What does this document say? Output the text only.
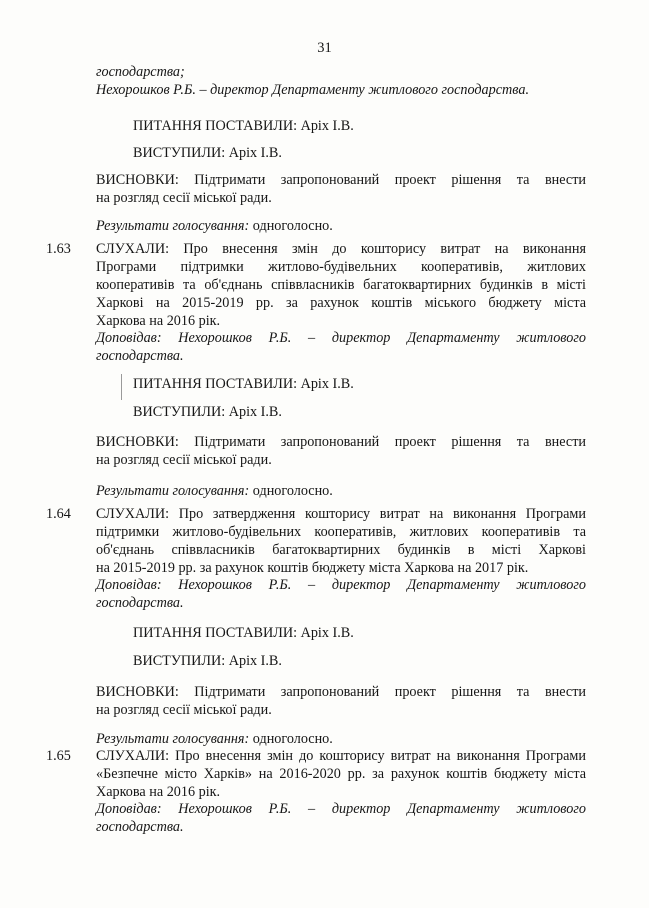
31
господарства;
Нехорошков Р.Б. – директор Департаменту житлового господарства.
ПИТАННЯ ПОСТАВИЛИ: Аріх І.В.
ВИСТУПИЛИ: Аріх І.В.
ВИСНОВКИ: Підтримати запропонований проект рішення та внести
на розгляд сесії міської ради.
Результати голосування: одноголосно.
1.63 СЛУХАЛИ: Про внесення змін до кошторису витрат на виконання
Програми підтримки житлово-будівельних кооперативів, житлових
кооперативів та об'єднань співвласників багатоквартирних будинків в місті
Харкові на 2015-2019 рр. за рахунок коштів міського бюджету міста
Харкова на 2016 рік.
Доповідав: Нехорошков Р.Б. – директор Департаменту житлового
господарства.
ПИТАННЯ ПОСТАВИЛИ: Аріх І.В.
ВИСТУПИЛИ: Аріх І.В.
ВИСНОВКИ: Підтримати запропонований проект рішення та внести
на розгляд сесії міської ради.
Результати голосування: одноголосно.
1.64 СЛУХАЛИ: Про затвердження кошторису витрат на виконання Програми
підтримки житлово-будівельних кооперативів, житлових кооперативів та
об'єднань співвласників багатоквартирних будинків в місті Харкові
на 2015-2019 рр. за рахунок коштів бюджету міста Харкова на 2017 рік.
Доповідав: Нехорошков Р.Б. – директор Департаменту житлового
господарства.
ПИТАННЯ ПОСТАВИЛИ: Аріх І.В.
ВИСТУПИЛИ: Аріх І.В.
ВИСНОВКИ: Підтримати запропонований проект рішення та внести
на розгляд сесії міської ради.
Результати голосування: одноголосно.
1.65 СЛУХАЛИ: Про внесення змін до кошторису витрат на виконання Програми
«Безпечне місто Харків» на 2016-2020 рр. за рахунок коштів бюджету міста
Харкова на 2016 рік.
Доповідав: Нехорошков Р.Б. – директор Департаменту житлового
господарства.
